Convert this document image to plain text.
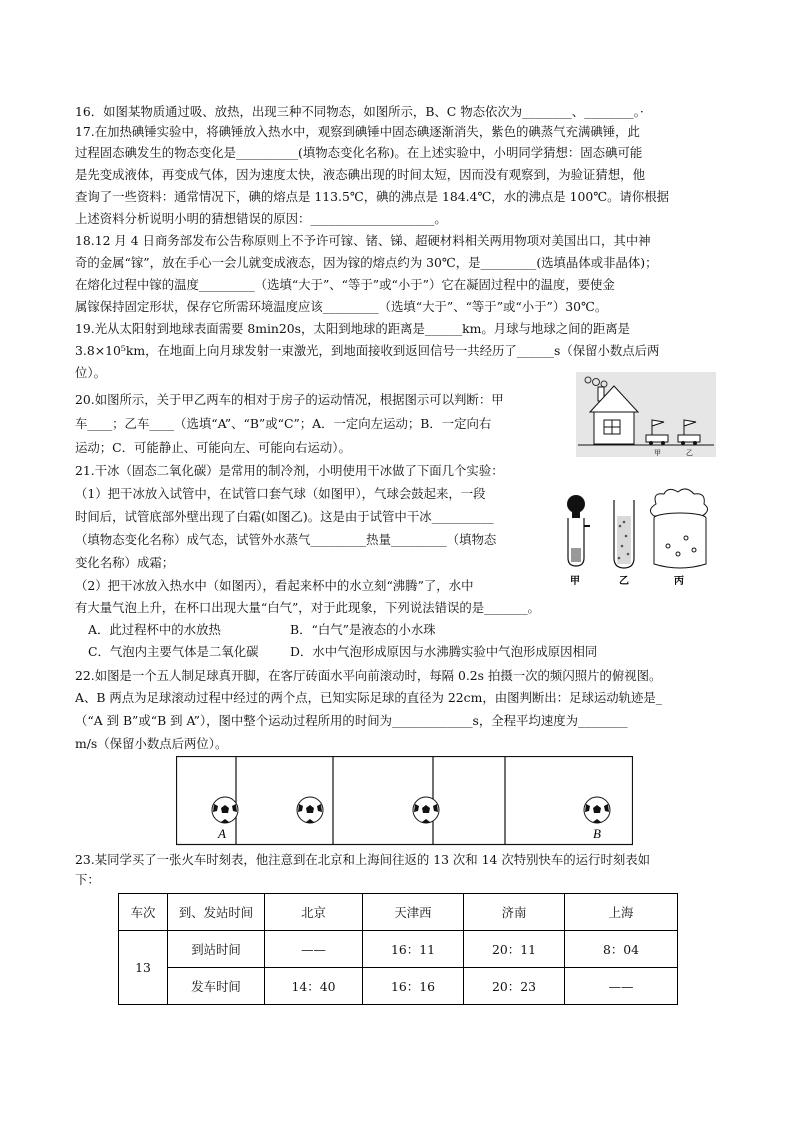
16．如图某物质通过吸、放热，出现三种不同物态，如图所示，B、C 物态依次为________、________。·
17.在加热碘锤实验中，将碘锤放入热水中，观察到碘锤中固态碘逐渐消失，紫色的碘蒸气充满碘锤，此
过程固态碘发生的物态变化是__________(填物态变化名称)。在上述实验中，小明同学猜想：固态碘可能
是先变成液体，再变成气体，因为速度太快，液态碘出现的时间太短，因而没有观察到，为验证猜想，他
查询了一些资料：通常情况下，碘的熔点是 113.5℃，碘的沸点是 184.4℃，水的沸点是 100℃。请你根据
上述资料分析说明小明的猜想错误的原因：____________________。
18.12 月 4 日商务部发布公告称原则上不予许可镓、锗、锑、超硬材料相关两用物项对美国出口，其中神
奇的金属“镓”，放在手心一会儿就变成液态，因为镓的熔点约为 30℃，是_________(选填晶体或非晶体)；
在熔化过程中镓的温度_________（选填“大于”、“等于”或“小于”）它在凝固过程中的温度，要使金
属镓保持固定形状，保存它所需环境温度应该_________（选填“大于”、“等于”或“小于”）30℃。
19.光从太阳射到地球表面需要 8min20s，太阳到地球的距离是______km。月球与地球之间的距离是
3.8×10⁵km，在地面上向月球发射一束激光，到地面接收到返回信号一共经历了______s（保留小数点后两
位）。
20.如图所示，关于甲乙两车的相对于房子的运动情况，根据图示可以判断：甲
车____；乙车____（选填“A”、“B”或“C”；A．一定向左运动；B．一定向右
运动；C．可能静止、可能向左、可能向右运动）。	甲	乙
21.干冰（固态二氧化碳）是常用的制冷剂，小明使用干冰做了下面几个实验：
（1）把干冰放入试管中，在试管口套气球（如图甲），气球会鼓起来，一段
时间后，试管底部外壁出现了白霜(如图乙)。这是由于试管中干冰__________
（填物态变化名称）成气态，试管外水蒸气_________热量_________（填物态
变化名称）成霜；
（2）把干冰放入热水中（如图丙），看起来杯中的水立刻“沸腾”了，水中
有大量气泡上升，在杯口出现大量“白气”，对于此现象，下列说法错误的是_______。
A．此过程杯中的水放热	B．“白气”是液态的小水珠
C．气泡内主要气体是二氧化碳	D．水中气泡形成原因与水沸腾实验中气泡形成原因相同
甲	乙	丙
22.如图是一个五人制足球真开脚，在客厅砖面水平向前滚动时，每隔 0.2s 拍摄一次的频闪照片的俯视图。
A、B 两点为足球滚动过程中经过的两个点，已知实际足球的直径为 22cm，由图判断出：足球运动轨迹是_
（“A 到 B”或“B 到 A”），图中整个运动过程所用的时间为_____________s，全程平均速度为________
m/s（保留小数点后两位）。
A	B
23.某同学买了一张火车时刻表，他注意到在北京和上海间往返的 13 次和 14 次特别快车的运行时刻表如
下：
车次	到、发站时间	北京	天津西	济南	上海
13	到站时间	——	16：11	20：11	8：04
	发车时间	14：40	16：16	20：23	——
